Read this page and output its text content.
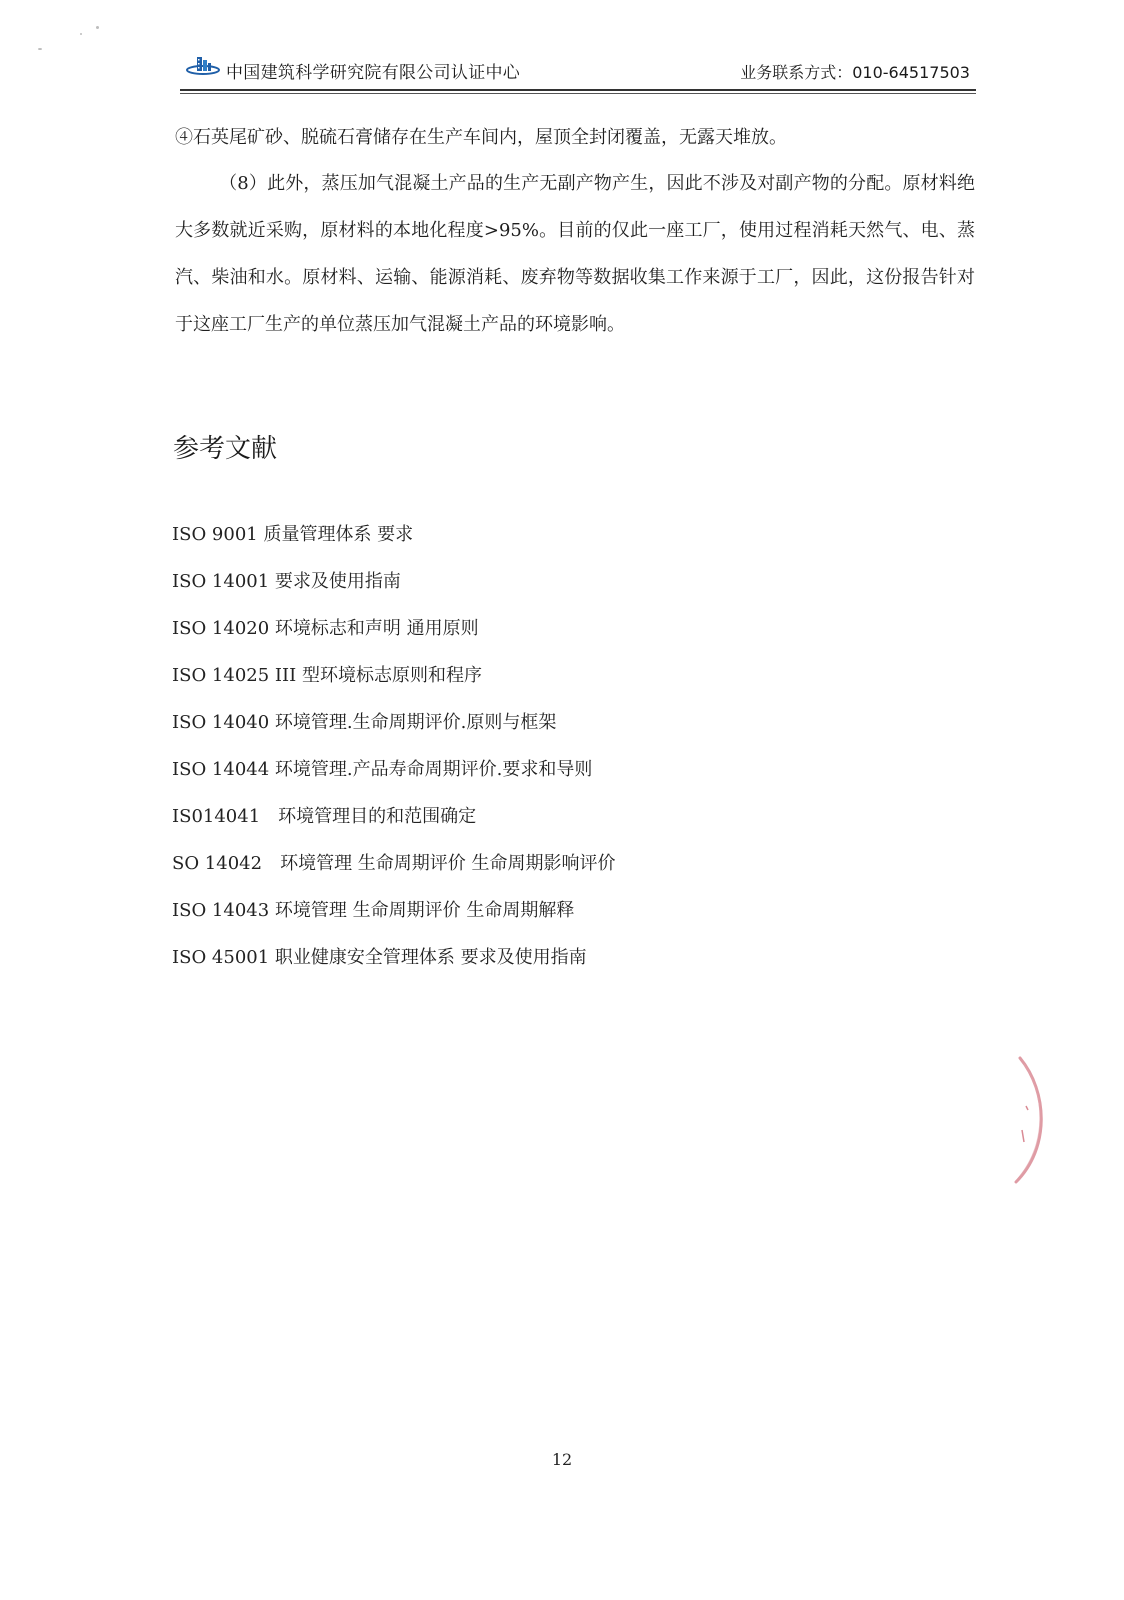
中国建筑科学研究院有限公司认证中心	业务联系方式：010-64517503
④石英尾矿砂、脱硫石膏储存在生产车间内，屋顶全封闭覆盖，无露天堆放。
（8）此外，蒸压加气混凝土产品的生产无副产物产生，因此不涉及对副产物的分配。原材料绝大多数就近采购，原材料的本地化程度>95%。目前的仅此一座工厂，使用过程消耗天然气、电、蒸汽、柴油和水。原材料、运输、能源消耗、废弃物等数据收集工作来源于工厂，因此，这份报告针对于这座工厂生产的单位蒸压加气混凝土产品的环境影响。
参考文献
ISO 9001 质量管理体系 要求
ISO 14001 要求及使用指南
ISO 14020 环境标志和声明 通用原则
ISO 14025 III 型环境标志原则和程序
ISO 14040 环境管理.生命周期评价.原则与框架
ISO 14044 环境管理.产品寿命周期评价.要求和导则
IS014041　环境管理目的和范围确定
SO 14042　环境管理 生命周期评价 生命周期影响评价
ISO 14043 环境管理 生命周期评价 生命周期解释
ISO 45001 职业健康安全管理体系 要求及使用指南
12
